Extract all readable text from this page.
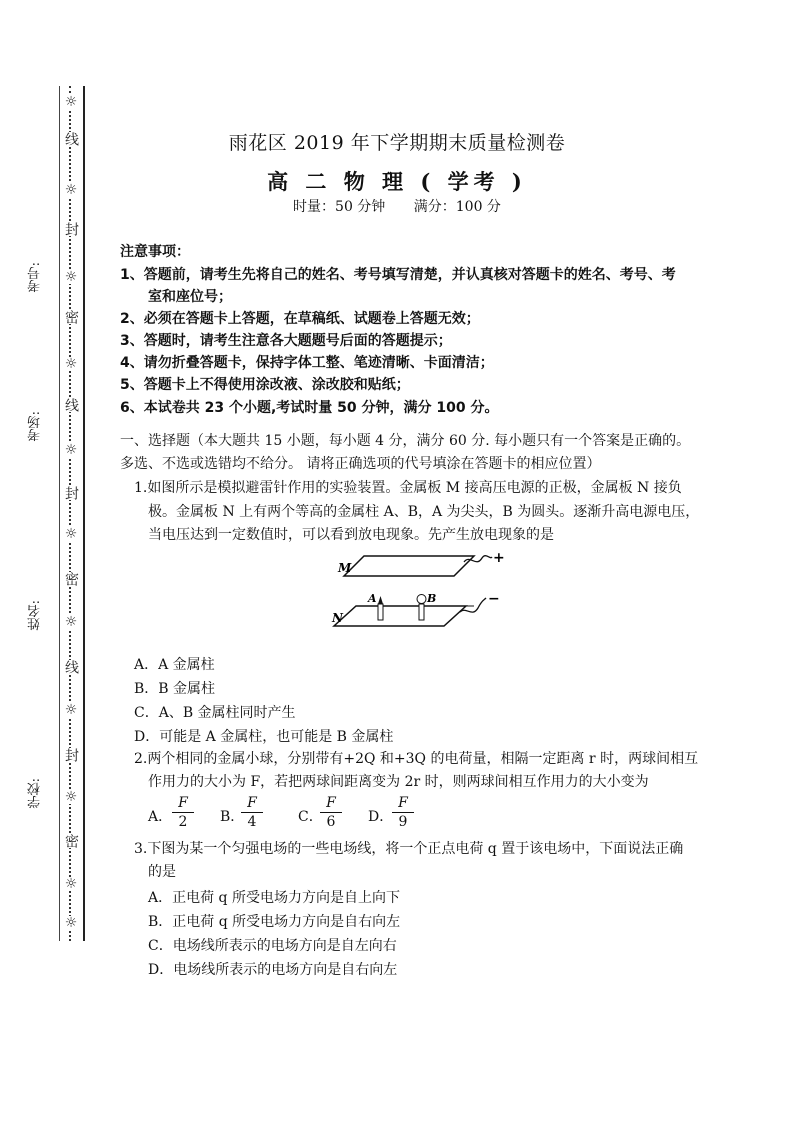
☼
线
☼
封
☼
密
☼
线
☼
封
☼
密
☼
线
☼
封
☼
密
☼
☼
考号:
考场:
姓名:
学校:
雨花区 2019 年下学期期末质量检测卷
高 二 物 理 ( 学考 )
时量：50 分钟 满分：100 分
注意事项：
1、答题前，请考生先将自己的姓名、考号填写清楚，并认真核对答题卡的姓名、考号、考
室和座位号；
2、必须在答题卡上答题，在草稿纸、试题卷上答题无效；
3、答题时，请考生注意各大题题号后面的答题提示；
4、请勿折叠答题卡，保持字体工整、笔迹清晰、卡面清洁；
5、答题卡上不得使用涂改液、涂改胶和贴纸；
6、本试卷共 23 个小题,考试时量 50 分钟，满分 100 分。
一、选择题（本大题共 15 小题，每小题 4 分，满分 60 分. 每小题只有一个答案是正确的。
多选、不选或选错均不给分。 请将正确选项的代号填涂在答题卡的相应位置）
1.如图所示是模拟避雷针作用的实验装置。金属板 M 接高压电源的正极，金属板 N 接负
极。金属板 N 上有两个等高的金属柱 A、B，A 为尖头，B 为圆头。逐渐升高电源电压，
当电压达到一定数值时，可以看到放电现象。先产生放电现象的是
+
M
−
N
A	B
A．A 金属柱
B．B 金属柱
C．A、B 金属柱同时产生
D．可能是 A 金属柱，也可能是 B 金属柱
2.两个相同的金属小球，分别带有+2Q 和+3Q 的电荷量，相隔一定距离 r 时，两球间相互
作用力的大小为 F，若把两球间距离变为 2r 时，则两球间相互作用力的大小变为
A．
F
2	B．
F
4	C．
F
6	D．
F
9
3.下图为某一个匀强电场的一些电场线，将一个正点电荷 q 置于该电场中，下面说法正确
的是
A．正电荷 q 所受电场力方向是自上向下
B．正电荷 q 所受电场力方向是自右向左
C．电场线所表示的电场方向是自左向右
D．电场线所表示的电场方向是自右向左
